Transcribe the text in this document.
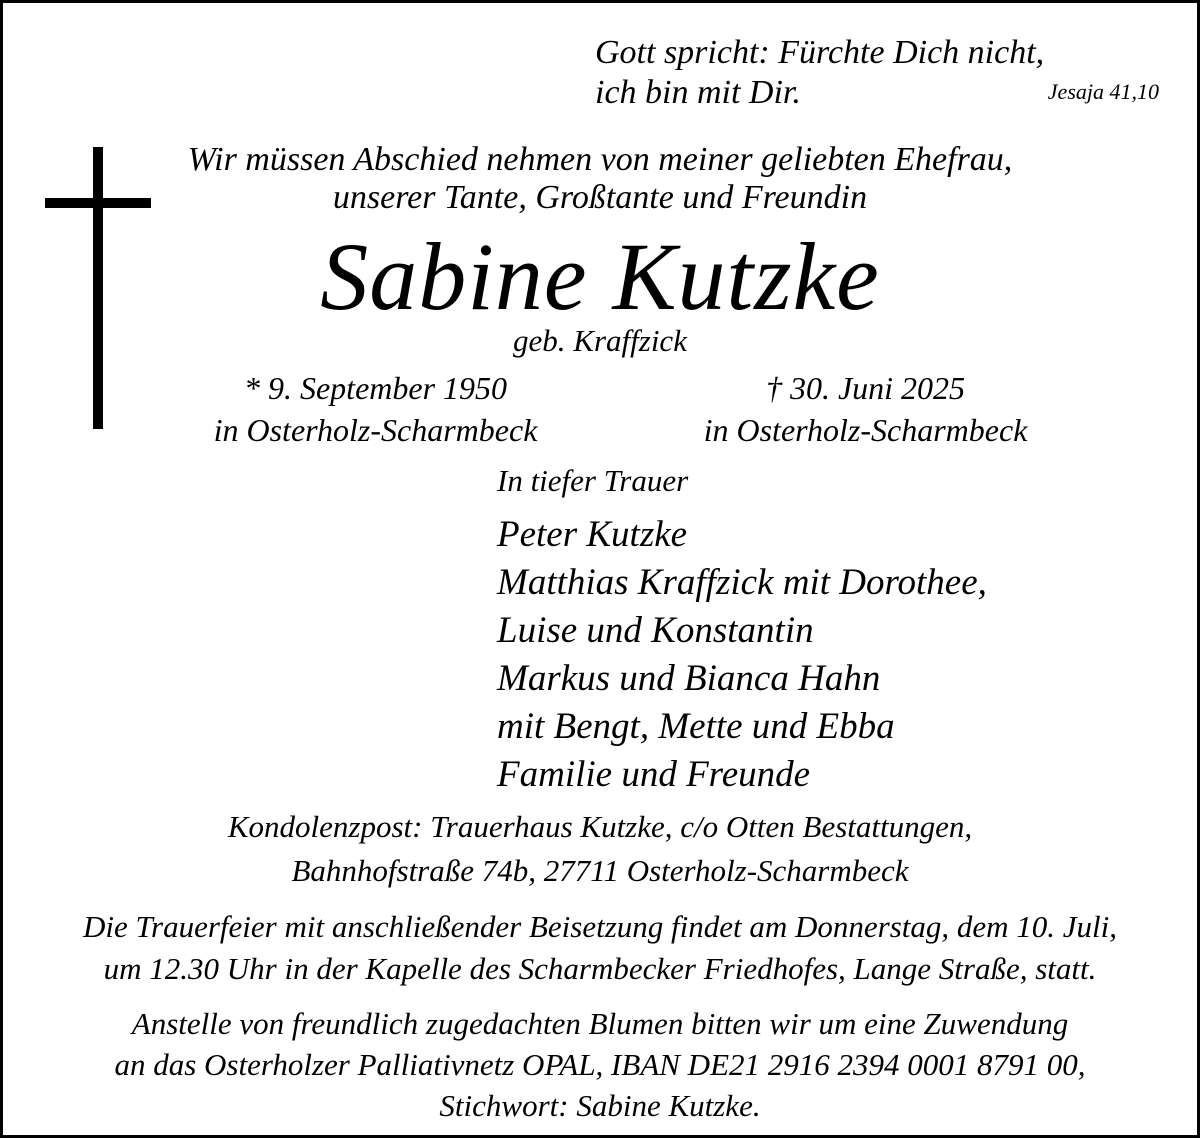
Gott spricht: Fürchte Dich nicht,
ich bin mit Dir.	Jesaja 41,10
Wir müssen Abschied nehmen von meiner geliebten Ehefrau,
unserer Tante, Großtante und Freundin
Sabine Kutzke
geb. Kraffzick
* 9. September 1950
in Osterholz-Scharmbeck
† 30. Juni 2025
in Osterholz-Scharmbeck
In tiefer Trauer
Peter Kutzke
Matthias Kraffzick mit Dorothee,
Luise und Konstantin
Markus und Bianca Hahn
mit Bengt, Mette und Ebba
Familie und Freunde
Kondolenzpost: Trauerhaus Kutzke, c/o Otten Bestattungen,
Bahnhofstraße 74b, 27711 Osterholz-Scharmbeck
Die Trauerfeier mit anschließender Beisetzung findet am Donnerstag, dem 10. Juli,
um 12.30 Uhr in der Kapelle des Scharmbecker Friedhofes, Lange Straße, statt.
Anstelle von freundlich zugedachten Blumen bitten wir um eine Zuwendung
an das Osterholzer Palliativnetz OPAL, IBAN DE21 2916 2394 0001 8791 00,
Stichwort: Sabine Kutzke.
